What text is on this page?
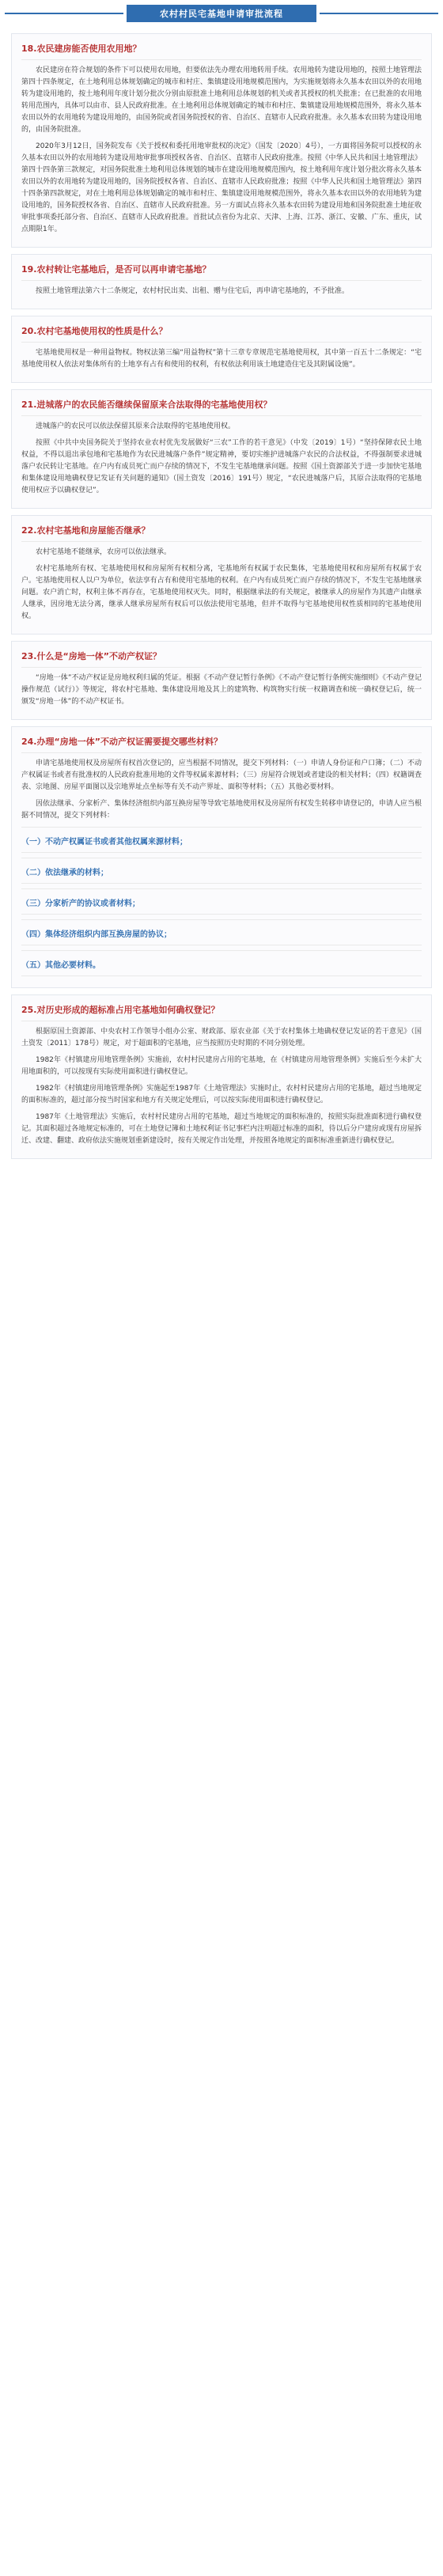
农村村民宅基地申请审批流程
18.农民建房能否使用农用地？

农民建房在符合规划的条件下可以使用农用地，但要依法先办理农用地转用手续。农用地转为建设用地的，按照土地管理法第四十四条规定，在土地利用总体规划确定的城市和村庄、集镇建设用地规模范围内，为实施规划将永久基本农田以外的农用地转为建设用地的，按土地利用年度计划分批次分别由原批准土地利用总体规划的机关或者其授权的机关批准；在已批准的农用地转用范围内，具体可以由市、县人民政府批准。在土地利用总体规划确定的城市和村庄、集镇建设用地规模范围外，将永久基本农田以外的农用地转为建设用地的，由国务院或者国务院授权的省、自治区、直辖市人民政府批准。永久基本农田转为建设用地的，由国务院批准。

2020年3月12日，国务院发布《关于授权和委托用地审批权的决定》（国发〔2020〕4号），一方面将国务院可以授权的永久基本农田以外的农用地转为建设用地审批事项授权各省、自治区、直辖市人民政府批准。按照《中华人民共和国土地管理法》第四十四条第三款规定，对国务院批准土地利用总体规划的城市在建设用地规模范围内，按土地利用年度计划分批次将永久基本农田以外的农用地转为建设用地的，国务院授权各省、自治区、直辖市人民政府批准；按照《中华人民共和国土地管理法》第四十四条第四款规定，对在土地利用总体规划确定的城市和村庄、集镇建设用地规模范围外，将永久基本农田以外的农用地转为建设用地的，国务院授权各省、自治区、直辖市人民政府批准。另一方面试点将永久基本农田转为建设用地和国务院批准土地征收审批事项委托部分省、自治区、直辖市人民政府批准。首批试点省份为北京、天津、上海、江苏、浙江、安徽、广东、重庆，试点期限1年。

19.农村转让宅基地后，是否可以再申请宅基地？

按照土地管理法第六十二条规定，农村村民出卖、出租、赠与住宅后，再申请宅基地的，不予批准。

20.农村宅基地使用权的性质是什么？

宅基地使用权是一种用益物权。物权法第三编“用益物权”第十三章专章规范宅基地使用权，其中第一百五十二条规定：“宅基地使用权人依法对集体所有的土地享有占有和使用的权利，有权依法利用该土地建造住宅及其附属设施”。

21.进城落户的农民能否继续保留原来合法取得的宅基地使用权？

进城落户的农民可以依法保留其原来合法取得的宅基地使用权。

按照《中共中央国务院关于坚持农业农村优先发展做好“三农”工作的若干意见》（中发〔2019〕1号）“坚持保障农民土地权益，不得以退出承包地和宅基地作为农民进城落户条件”规定精神，要切实维护进城落户农民的合法权益，不得强制要求进城落户农民转让宅基地。在户内有成员死亡而户存续的情况下，不发生宅基地继承问题。按照《国土资源部关于进一步加快宅基地和集体建设用地确权登记发证有关问题的通知》（国土资发〔2016〕191号）规定，“农民进城落户后，其原合法取得的宅基地使用权应予以确权登记”。

22.农村宅基地和房屋能否继承？

农村宅基地不能继承，农房可以依法继承。

农村宅基地所有权、宅基地使用权和房屋所有权相分离，宅基地所有权属于农民集体，宅基地使用权和房屋所有权属于农户。宅基地使用权人以户为单位，依法享有占有和使用宅基地的权利。在户内有成员死亡而户存续的情况下，不发生宅基地继承问题。农户消亡时，权利主体不再存在，宅基地使用权灭失。同时，根据继承法的有关规定，被继承人的房屋作为其遗产由继承人继承，因房地无法分离，继承人继承房屋所有权后可以依法使用宅基地，但并不取得与宅基地使用权性质相同的宅基地使用权。

23.什么是“房地一体”不动产权证？

“房地一体”不动产权证是房地权利归属的凭证。根据《不动产登记暂行条例》《不动产登记暂行条例实施细则》《不动产登记操作规范（试行）》等规定，将农村宅基地、集体建设用地及其上的建筑物、构筑物实行统一权籍调查和统一确权登记后，统一颁发“房地一体”的不动产权证书。

24.办理“房地一体”不动产权证需要提交哪些材料？

申请宅基地使用权及房屋所有权首次登记的，应当根据不同情况，提交下列材料：（一）申请人身份证和户口簿；（二）不动产权属证书或者有批准权的人民政府批准用地的文件等权属来源材料；（三）房屋符合规划或者建设的相关材料；（四）权籍调查表、宗地图、房屋平面图以及宗地界址点坐标等有关不动产界址、面积等材料；（五）其他必要材料。

因依法继承、分家析产、集体经济组织内部互换房屋等导致宅基地使用权及房屋所有权发生转移申请登记的，申请人应当根据不同情况，提交下列材料：

（一）不动产权属证书或者其他权属来源材料；
（二）依法继承的材料；
（三）分家析产的协议或者材料；
（四）集体经济组织内部互换房屋的协议；
（五）其他必要材料。
25.对历史形成的超标准占用宅基地如何确权登记？

根据原国土资源部、中央农村工作领导小组办公室、财政部、原农业部《关于农村集体土地确权登记发证的若干意见》（国土资发〔2011〕178号）规定，对于超面积的宅基地，应当按照历史时期的不同分别处理。

1982年《村镇建房用地管理条例》实施前，农村村民建房占用的宅基地，在《村镇建房用地管理条例》实施后至今未扩大用地面积的，可以按现有实际使用面积进行确权登记。

1982年《村镇建房用地管理条例》实施起至1987年《土地管理法》实施时止，农村村民建房占用的宅基地，超过当地规定的面积标准的，超过部分按当时国家和地方有关规定处理后，可以按实际使用面积进行确权登记。

1987年《土地管理法》实施后，农村村民建房占用的宅基地，超过当地规定的面积标准的，按照实际批准面积进行确权登记。其面积超过各地规定标准的，可在土地登记簿和土地权利证书记事栏内注明超过标准的面积，待以后分户建房或现有房屋拆迁、改建、翻建、政府依法实施规划重新建设时，按有关规定作出处理，并按照各地规定的面积标准重新进行确权登记。
